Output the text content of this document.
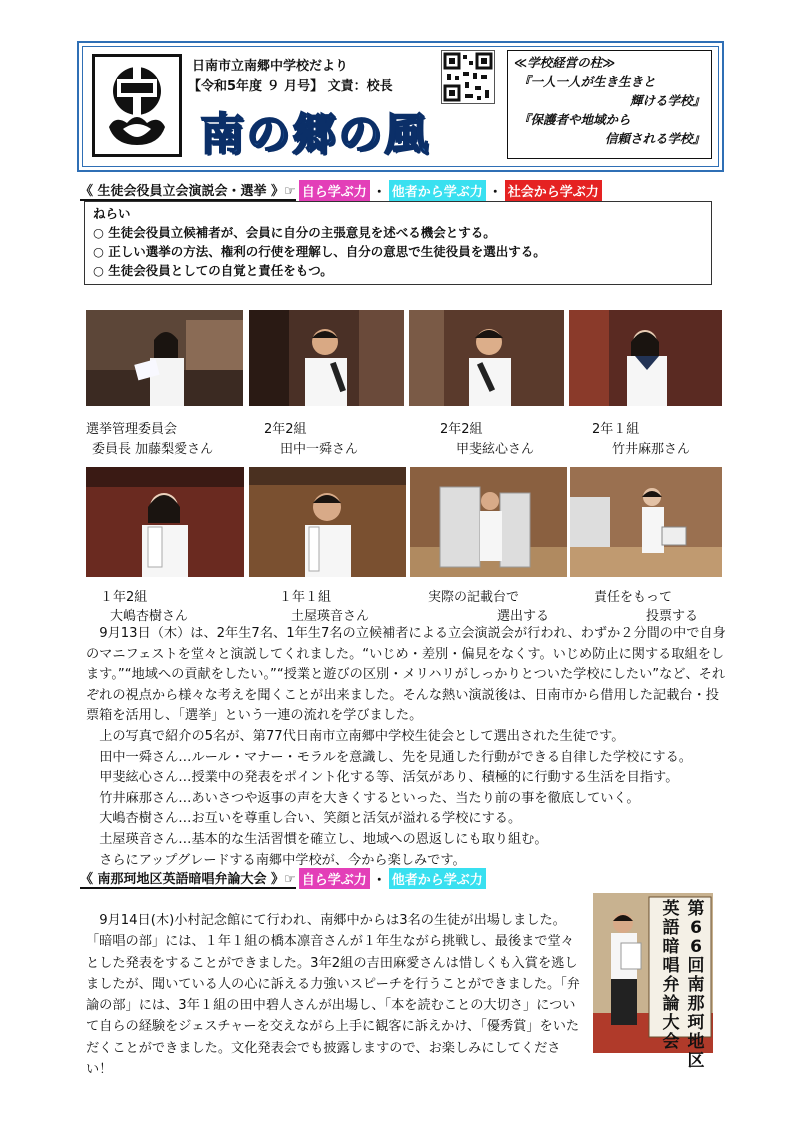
日南市立南郷中学校だより
【令和5年度 ９ 月号】 文責：校長
南の郷の風
≪学校経営の柱≫
『一人一人が生き生きと
輝ける学校』
『保護者や地域から
信頼される学校』
《 生徒会役員立会演説会・選挙 》☞ 自ら学ぶ力 ・ 他者から学ぶ力 ・ 社会から学ぶ力
ねらい
○ 生徒会役員立候補者が、会員に自分の主張意見を述べる機会とする。
○ 正しい選挙の方法、権利の行使を理解し、自分の意思で生徒役員を選出する。
○ 生徒会役員としての自覚と責任をもつ。
選挙管理委員会
委員長 加藤梨愛さん
2年2組
田中一舜さん
2年2組
甲斐絃心さん
2年１組
竹井麻那さん
１年2組
大嶋杏樹さん
１年１組
土屋瑛音さん
実際の記載台で
選出する
責任をもって
投票する

9月13日（木）は、2年生7名、1年生7名の立候補者による立会演説会が行われ、わずか２分間の中で自身のマニフェストを堂々と演説してくれました。“いじめ・差別・偏見をなくす。いじめ防止に関する取組をします。”“地域への貢献をしたい。”“授業と遊びの区別・メリハリがしっかりとついた学校にしたい”など、それぞれの視点から様々な考えを聞くことが出来ました。そんな熱い演説後は、日南市から借用した記載台・投票箱を活用し、「選挙」という一連の流れを学びました。

上の写真で紹介の5名が、第77代日南市立南郷中学校生徒会として選出された生徒です。

田中一舜さん…ルール・マナー・モラルを意識し、先を見通した行動ができる自律した学校にする。

甲斐絃心さん…授業中の発表をポイント化する等、活気があり、積極的に行動する生活を目指す。

竹井麻那さん…あいさつや返事の声を大きくするといった、当たり前の事を徹底していく。

大嶋杏樹さん…お互いを尊重し合い、笑顔と活気が溢れる学校にする。

土屋瑛音さん…基本的な生活習慣を確立し、地域への恩返しにも取り組む。

さらにアップグレードする南郷中学校が、今から楽しみです。

《 南那珂地区英語暗唱弁論大会 》☞ 自ら学ぶ力 ・ 他者から学ぶ力

9月14日(木)小村記念館にて行われ、南郷中からは3名の生徒が出場しました。「暗唱の部」には、１年１組の橋本凛音さんが１年生ながら挑戦し、最後まで堂々とした発表をすることができました。3年2組の吉田麻愛さんは惜しくも入賞を逃しましたが、聞いている人の心に訴える力強いスピーチを行うことができました。「弁論の部」には、3年１組の田中碧人さんが出場し、「本を読むことの大切さ」について自らの経験をジェスチャーを交えながら上手に観客に訴えかけ、「優秀賞」をいただくことができました。文化発表会でも披露しますので、お楽しみにしてください！

第66回南那珂地区
英語暗唱弁論大会
